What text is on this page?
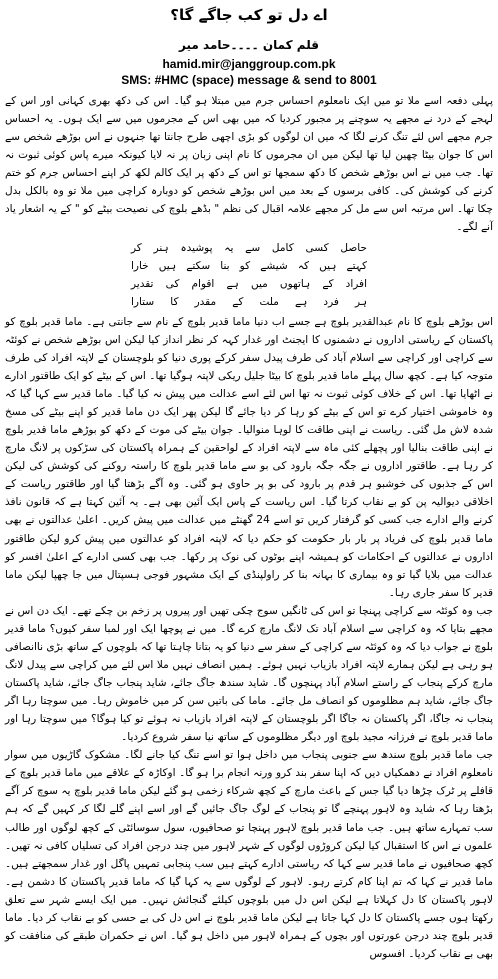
اے دل تو کب جاگے گا؟
قلم کمان ۔۔۔۔حامد میر
hamid.mir@janggroup.com.pk
SMS: #HMC (space) message & send to 8001

پہلی دفعہ اسے ملا تو میں ایک نامعلوم احساس جرم میں مبتلا ہو گیا۔ اس کی دکھ بھری کہانی اور اس کے لہجے کے درد نے مجھے یہ سوچنے پر مجبور کردیا کہ میں بھی اس کے مجرموں میں سے ایک ہوں۔ یہ احساس جرم مجھے اس لئے تنگ کرنے لگا کہ میں ان لوگوں کو بڑی اچھی طرح جانتا تھا جنہوں نے اس بوڑھے شخص سے اس کا جوان بیٹا چھین لیا تھا لیکن میں ان مجرموں کا نام اپنی زبان پر نہ لایا کیونکہ میرے پاس کوئی ثبوت نہ تھا۔ جب میں نے اس بوڑھے شخص کا دکھ سمجھا تو اس کے دکھ پر ایک کالم لکھ کر اپنے احساس جرم کو ختم کرنے کی کوشش کی۔ کافی برسوں کے بعد میں اس بوڑھے شخص کو دوبارہ کراچی میں ملا تو وہ بالکل بدل چکا تھا۔ اس مرتبہ اس سے مل کر مجھے علامہ اقبال کی نظم " بڈھے بلوچ کی نصیحت بیٹے کو " کے یہ اشعار یاد آنے لگے۔

حاصل کسی کامل سے یہ پوشیدہ ہنر کر

کہتے ہیں کہ شیشے کو بنا سکتے ہیں خارا

افراد کے ہاتھوں میں ہے اقوام کی تقدیر

ہر فرد ہے ملت کے مقدر کا ستارا

اس بوڑھے بلوچ کا نام عبدالقدیر بلوچ ہے جسے اب دنیا ماما قدیر بلوچ کے نام سے جانتی ہے۔ ماما قدیر بلوچ کو پاکستان کے ریاستی اداروں نے دشمنوں کا ایجنٹ اور غدار کہہ کر نظر انداز کیا لیکن اس بوڑھے شخص نے کوئٹہ سے کراچی اور کراچی سے اسلام آباد کی طرف پیدل سفر کرکے پوری دنیا کو بلوچستان کے لاپتہ افراد کی طرف متوجہ کیا ہے۔ کچھ سال پہلے ماما قدیر بلوچ کا بیٹا جلیل ریکی لاپتہ ہوگیا تھا۔ اس کے بیٹے کو ایک طاقتور ادارے نے اٹھایا تھا۔ اس کے خلاف کوئی ثبوت نہ تھا اس لئے اسے عدالت میں پیش نہ کیا گیا۔ ماما قدیر سے کہا گیا کہ وہ خاموشی اختیار کرے تو اس کے بیٹے کو رہا کر دیا جائے گا لیکن پھر ایک دن ماما قدیر کو اپنے بیٹے کی مسخ شدہ لاش مل گئی۔ ریاست نے اپنی طاقت کا لوہا منوالیا۔ جوان بیٹے کی موت کے دکھ کو بوڑھے ماما قدیر بلوچ نے اپنی طاقت بنالیا اور پچھلے کئی ماہ سے لاپتہ افراد کے لواحقین کے ہمراہ پاکستان کی سڑکوں پر لانگ مارچ کر رہا ہے۔ طاقتور اداروں نے جگہ جگہ بارود کی بو سے ماما قدیر بلوچ کا راستہ روکنے کی کوشش کی لیکن اس کے جذبوں کی خوشبو ہر قدم پر بارود کی بو پر حاوی ہو گئی۔ وہ آگے بڑھتا گیا اور طاقتور ریاست کے اخلاقی دیوالیہ پن کو بے نقاب کرتا گیا۔ اس ریاست کے پاس ایک آئین بھی ہے۔ یہ آئین کہتا ہے کہ قانون نافذ کرنے والے ادارے جب کسی کو گرفتار کریں تو اسے 24 گھنٹے میں عدالت میں پیش کریں۔ اعلیٰ عدالتوں نے بھی ماما قدیر بلوچ کی فریاد پر بار بار حکومت کو حکم دیا کہ لاپتہ افراد کو عدالتوں میں پیش کرو لیکن طاقتور اداروں نے عدالتوں کے احکامات کو ہمیشہ اپنے بوٹوں کی نوک پر رکھا۔ جب بھی کسی ادارے کے اعلیٰ افسر کو عدالت میں بلایا گیا تو وہ بیماری کا بہانہ بنا کر راولپنڈی کے ایک مشہور فوجی ہسپتال میں جا چھپا لیکن ماما قدیر کا سفر جاری رہا۔

جب وہ کوئٹہ سے کراچی پہنچا تو اس کی ٹانگیں سوج چکی تھیں اور پیروں پر زخم بن چکے تھے۔ ایک دن اس نے مجھے بتایا کہ وہ کراچی سے اسلام آباد تک لانگ مارچ کرے گا۔ میں نے پوچھا ایک اور لمبا سفر کیوں؟ ماما قدیر بلوچ نے جواب دیا کہ وہ کوئٹہ سے کراچی کے سفر سے دنیا کو یہ بتانا چاہتا تھا کہ بلوچوں کے ساتھ بڑی ناانصافی ہو رہی ہے لیکن ہمارے لاپتہ افراد بازیاب نہیں ہوئے۔ ہمیں انصاف نہیں ملا اس لئے میں کراچی سے پیدل لانگ مارچ کرکے پنجاب کے راستے اسلام آباد پہنچوں گا۔ شاید سندھ جاگ جائے، شاید پنجاب جاگ جائے، شاید پاکستان جاگ جائے، شاید ہم مظلوموں کو انصاف مل جائے۔ ماما کی باتیں سن کر میں خاموش رہا۔ میں سوچتا رہا اگر پنجاب نہ جاگا، اگر پاکستان نہ جاگا اگر بلوچستان کے لاپتہ افراد بازیاب نہ ہوئے تو کیا ہوگا؟ میں سوچتا رہا اور ماما قدیر بلوچ نے فرزانہ مجید بلوچ اور دیگر مظلوموں کے ساتھ نیا سفر شروع کردیا۔

جب ماما قدیر بلوچ سندھ سے جنوبی پنجاب میں داخل ہوا تو اسے تنگ کیا جانے لگا۔ مشکوک گاڑیوں میں سوار نامعلوم افراد نے دھمکیاں دیں کہ اپنا سفر بند کرو ورنہ انجام برا ہو گا۔ اوکاڑہ کے علاقے میں ماما قدیر بلوچ کے قافلے پر ٹرک چڑھا دیا گیا جس کے باعث مارچ کے کچھ شرکاء زخمی ہو گئے لیکن ماما قدیر بلوچ یہ سوچ کر آگے بڑھتا رہا کہ شاید وہ لاہور پہنچے گا تو پنجاب کے لوگ جاگ جائیں گے اور اسے اپنے گلے لگا کر کہیں گے کہ ہم سب تمہارے ساتھ ہیں۔ جب ماما قدیر بلوچ لاہور پہنچا تو صحافیوں، سول سوسائٹی کے کچھ لوگوں اور طالب علموں نے اس کا استقبال کیا لیکن کروڑوں لوگوں کے شہر لاہور میں چند درجن افراد کی تسلیاں کافی نہ تھیں۔ کچھ صحافیوں نے ماما قدیر سے کہا کہ ریاستی ادارے کہتے ہیں سب پنجابی تمہیں پاگل اور غدار سمجھتے ہیں۔ ماما قدیر نے کہا کہ تم اپنا کام کرتے رہو۔ لاہور کے لوگوں سے یہ کہا گیا کہ ماما قدیر پاکستان کا دشمن ہے۔ لاہور پاکستان کا دل کہلاتا ہے لیکن اس دل میں بلوچوں کیلئے گنجائش نہیں۔ میں ایک ایسے شہر سے تعلق رکھتا ہوں جسے پاکستان کا دل کہا جاتا ہے لیکن ماما قدیر بلوچ نے اس دل کی بے حسی کو بے نقاب کر دیا۔ ماما قدیر بلوچ چند درجن عورتوں اور بچوں کے ہمراہ لاہور میں داخل ہو گیا۔ اس نے حکمران طبقے کی منافقت کو بھی بے نقاب کردیا۔ افسوس
